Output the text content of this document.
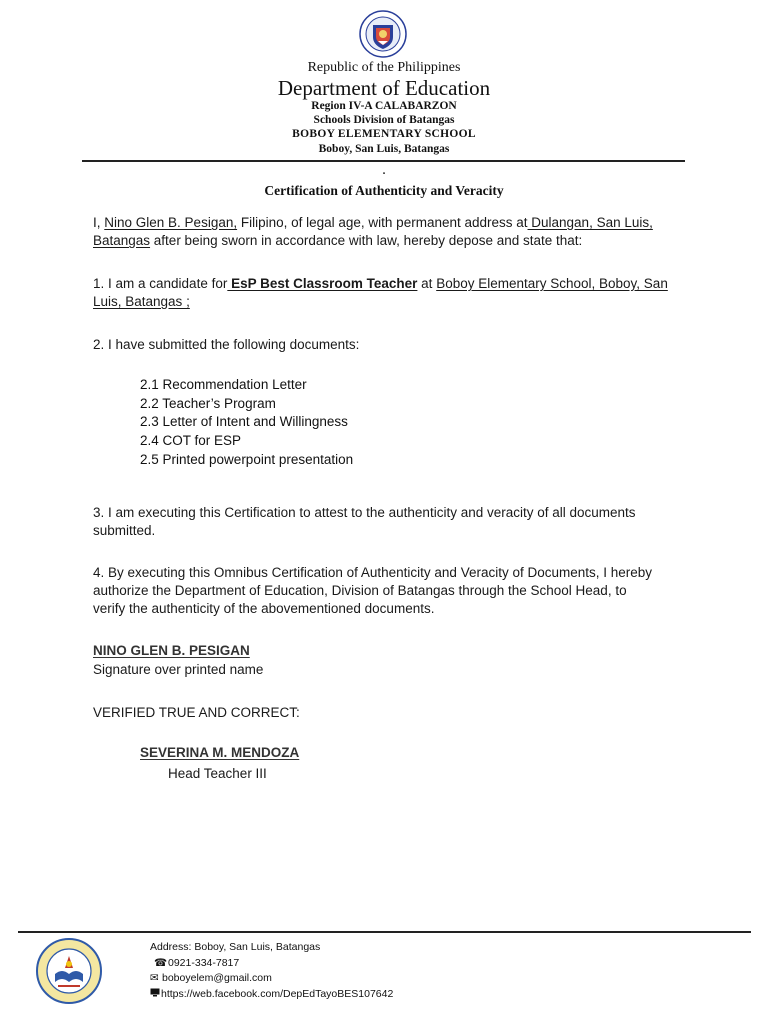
Republic of the Philippines
Department of Education
Region IV-A CALABARZON
Schools Division of Batangas
BOBOY ELEMENTARY SCHOOL
Boboy, San Luis, Batangas
.
Certification of Authenticity and Veracity
I, Nino Glen B. Pesigan, Filipino, of legal age, with permanent address at Dulangan, San Luis,
Batangas after being sworn in accordance with law, hereby depose and state that:
1. I am a candidate for EsP Best Classroom Teacher at Boboy Elementary School, Boboy, San
Luis, Batangas ;
2. I have submitted the following documents:
2.1 Recommendation Letter
2.2 Teacher’s Program
2.3 Letter of Intent and Willingness
2.4 COT for ESP
2.5 Printed powerpoint presentation
3. I am executing this Certification to attest to the authenticity and veracity of all documents
submitted.
4. By executing this Omnibus Certification of Authenticity and Veracity of Documents, I hereby
authorize the Department of Education, Division of Batangas through the School Head, to
verify the authenticity of the abovementioned documents.
NINO GLEN B. PESIGAN
Signature over printed name
VERIFIED TRUE AND CORRECT:
SEVERINA M. MENDOZA
Head Teacher III
Address: Boboy, San Luis, Batangas
☎0921-334-7817
✉ boboyelem@gmail.com
https://web.facebook.com/DepEdTayoBES107642
